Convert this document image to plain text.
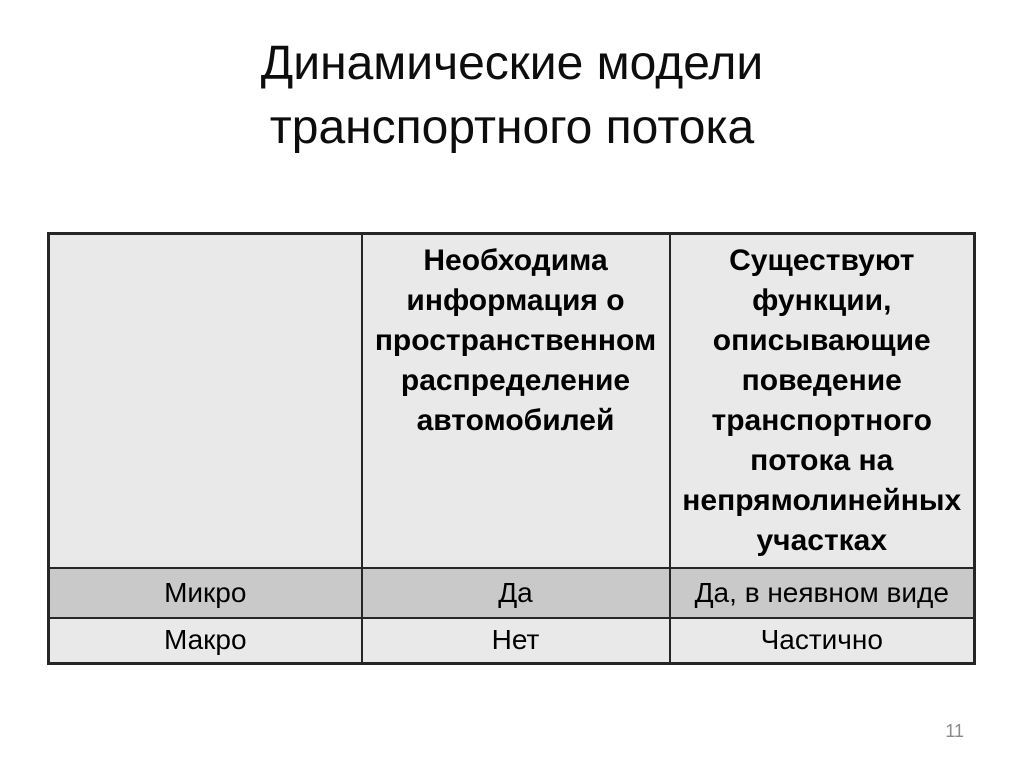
Динамические модели
транспортного потока
	Необходима информация о пространственном распределение автомобилей	Существуют функции, описывающие поведение транспортного потока на непрямолинейных участках
Микро	Да	Да, в неявном виде
Макро	Нет	Частично
11
